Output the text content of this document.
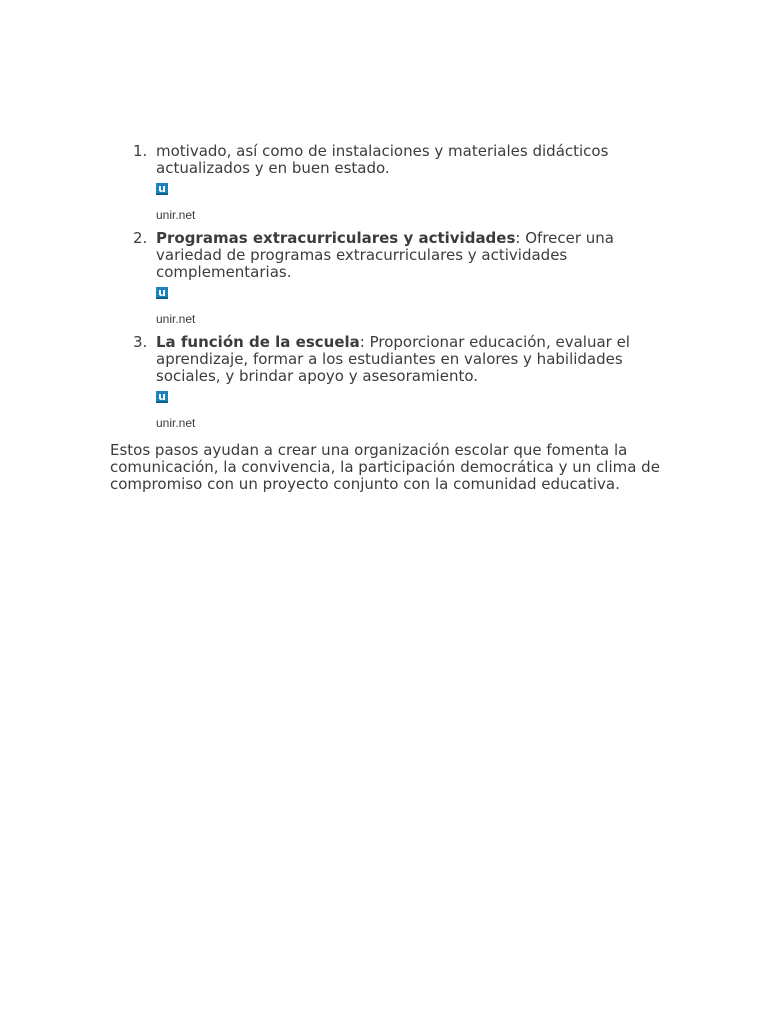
1. motivado, así como de instalaciones y materiales didácticos actualizados y en buen estado.

u
unir.net
2. Programas extracurriculares y actividades: Ofrecer una variedad de programas extracurriculares y actividades complementarias.

u
unir.net
3. La función de la escuela: Proporcionar educación, evaluar el aprendizaje, formar a los estudiantes en valores y habilidades sociales, y brindar apoyo y asesoramiento.

u
unir.net

Estos pasos ayudan a crear una organización escolar que fomenta la comunicación, la convivencia, la participación democrática y un clima de compromiso con un proyecto conjunto con la comunidad educativa.
